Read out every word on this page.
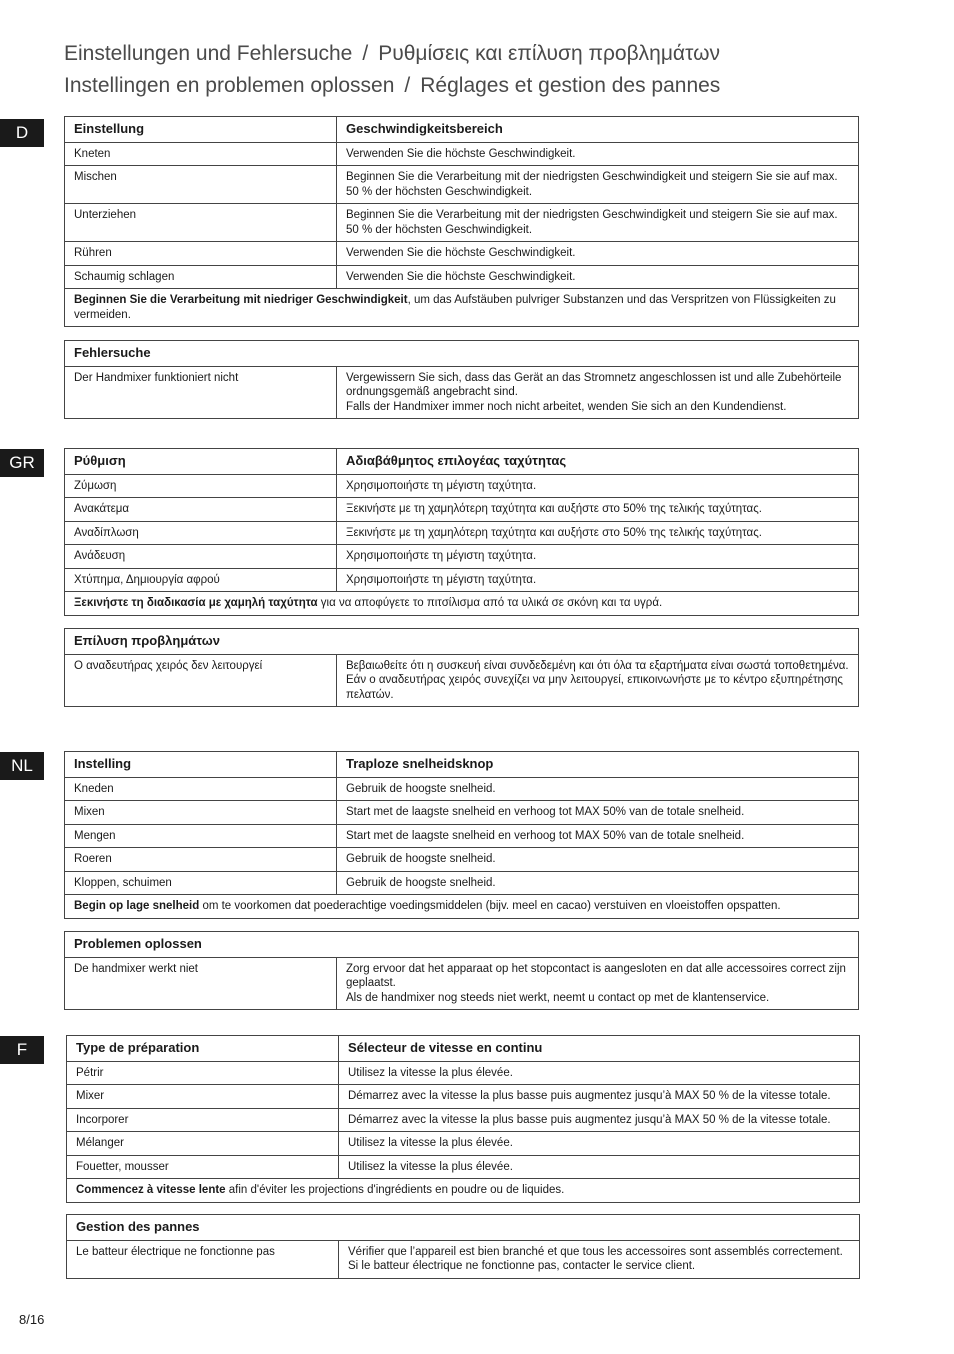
Einstellungen und Fehlersuche / Ρυθμίσεις και επίλυση προβλημάτων
Instellingen en problemen oplossen / Réglages et gestion des pannes
D	Einstellung	Geschwindigkeitsbereich
Kneten	Verwenden Sie die höchste Geschwindigkeit.
Mischen	Beginnen Sie die Verarbeitung mit der niedrigsten Geschwindigkeit und steigern Sie sie auf max. 50 % der höchsten Geschwindigkeit.
Unterziehen	Beginnen Sie die Verarbeitung mit der niedrigsten Geschwindigkeit und steigern Sie sie auf max. 50 % der höchsten Geschwindigkeit.
Rühren	Verwenden Sie die höchste Geschwindigkeit.
Schaumig schlagen	Verwenden Sie die höchste Geschwindigkeit.
Beginnen Sie die Verarbeitung mit niedriger Geschwindigkeit, um das Aufstäuben pulvriger Substanzen und das Verspritzen von Flüssigkeiten zu vermeiden.	
Fehlersuche
Der Handmixer funktioniert nicht	Vergewissern Sie sich, dass das Gerät an das Stromnetz angeschlossen ist und alle Zubehörteile ordnungsgemäß angebracht sind.
Falls der Handmixer immer noch nicht arbeitet, wenden Sie sich an den Kundendienst.
GR	Ρύθμιση	Αδιαβάθμητος επιλογέας ταχύτητας
Ζύμωση	Χρησιμοποιήστε τη μέγιστη ταχύτητα.
Ανακάτεμα	Ξεκινήστε με τη χαμηλότερη ταχύτητα και αυξήστε στο 50% της τελικής ταχύτητας.
Αναδίπλωση	Ξεκινήστε με τη χαμηλότερη ταχύτητα και αυξήστε στο 50% της τελικής ταχύτητας.
Ανάδευση	Χρησιμοποιήστε τη μέγιστη ταχύτητα.
Χτύπημα, Δημιουργία αφρού	Χρησιμοποιήστε τη μέγιστη ταχύτητα.
Ξεκινήστε τη διαδικασία με χαμηλή ταχύτητα για να αποφύγετε το πιτσίλισμα από τα υλικά σε σκόνη και τα υγρά.	
Επίλυση προβλημάτων
Ο αναδευτήρας χειρός δεν λειτουργεί	Βεβαιωθείτε ότι η συσκευή είναι συνδεδεμένη και ότι όλα τα εξαρτήματα είναι σωστά τοποθετημένα.
Εάν ο αναδευτήρας χειρός συνεχίζει να μην λειτουργεί, επικοινωνήστε με το κέντρο εξυπηρέτησης πελατών.
NL	Instelling	Traploze snelheidsknop
Kneden	Gebruik de hoogste snelheid.
Mixen	Start met de laagste snelheid en verhoog tot MAX 50% van de totale snelheid.
Mengen	Start met de laagste snelheid en verhoog tot MAX 50% van de totale snelheid.
Roeren	Gebruik de hoogste snelheid.
Kloppen, schuimen	Gebruik de hoogste snelheid.
Begin op lage snelheid om te voorkomen dat poederachtige voedingsmiddelen (bijv. meel en cacao) verstuiven en vloeistoffen opspatten.	
Problemen oplossen
De handmixer werkt niet	Zorg ervoor dat het apparaat op het stopcontact is aangesloten en dat alle accessoires correct zijn geplaatst.
Als de handmixer nog steeds niet werkt, neemt u contact op met de klantenservice.
F	Type de préparation	Sélecteur de vitesse en continu
Pétrir	Utilisez la vitesse la plus élevée.
Mixer	Démarrez avec la vitesse la plus basse puis augmentez jusqu’à MAX 50 % de la vitesse totale.
Incorporer	Démarrez avec la vitesse la plus basse puis augmentez jusqu’à MAX 50 % de la vitesse totale.
Mélanger	Utilisez la vitesse la plus élevée.
Fouetter, mousser	Utilisez la vitesse la plus élevée.
Commencez à vitesse lente afin d'éviter les projections d'ingrédients en poudre ou de liquides.	
Gestion des pannes
Le batteur électrique ne fonctionne pas	Vérifier que l’appareil est bien branché et que tous les accessoires sont assemblés correctement.
Si le batteur électrique ne fonctionne pas, contacter le service client.
8/16
